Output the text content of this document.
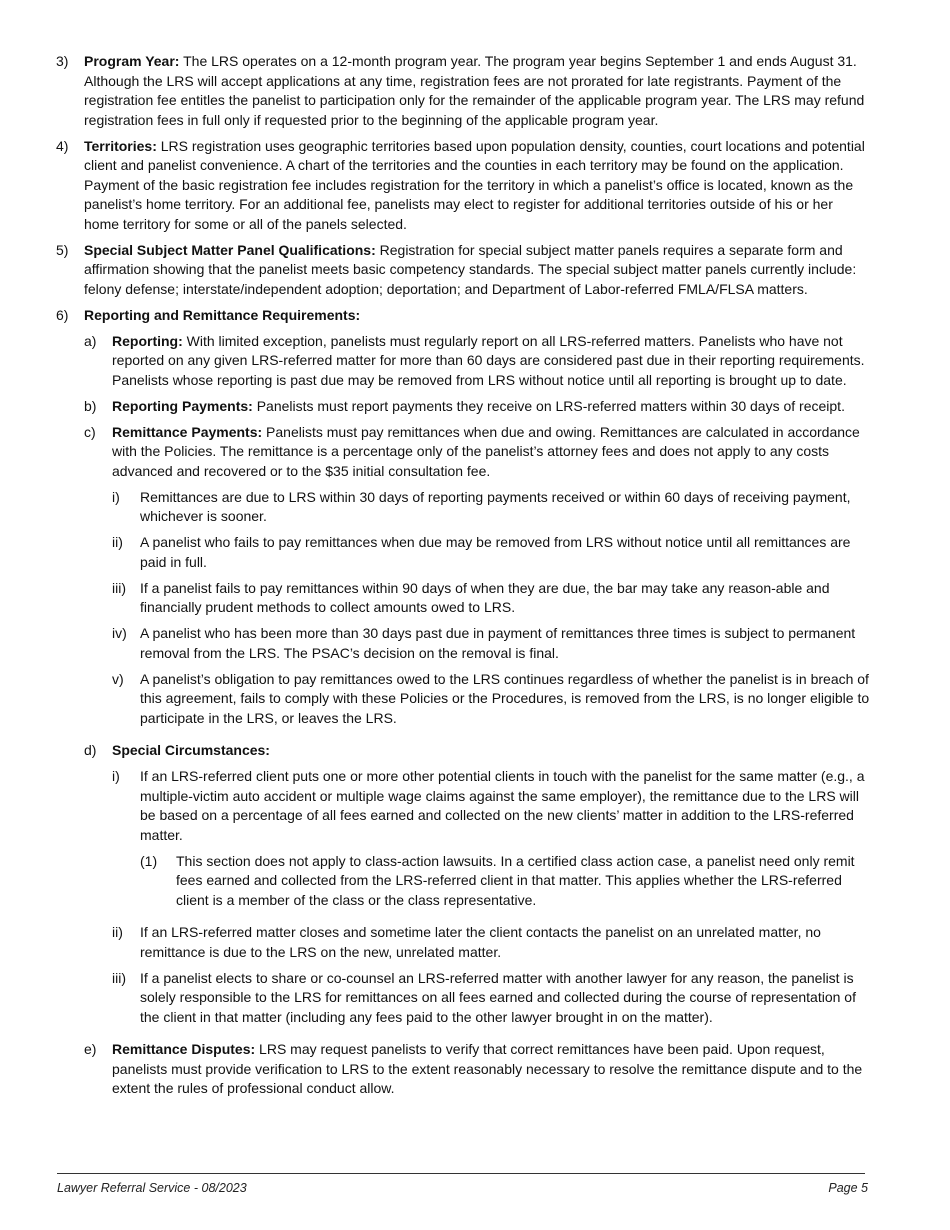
3)	Program Year: The LRS operates on a 12-month program year. The program year begins September 1 and ends August 31. Although the LRS will accept applications at any time, registration fees are not prorated for late registrants. Payment of the registration fee entitles the panelist to participation only for the remainder of the applicable program year. The LRS may refund registration fees in full only if requested prior to the beginning of the applicable program year.
4)	Territories: LRS registration uses geographic territories based upon population density, counties, court locations and potential client and panelist convenience. A chart of the territories and the counties in each territory may be found on the application. Payment of the basic registration fee includes registration for the territory in which a panelist’s office is located, known as the panelist’s home territory. For an additional fee, panelists may elect to register for additional territories outside of his or her home territory for some or all of the panels selected.
5)	Special Subject Matter Panel Qualifications: Registration for special subject matter panels requires a separate form and affirmation showing that the panelist meets basic competency standards. The special subject matter panels currently include: felony defense; interstate/independent adoption; deportation; and Department of Labor-referred FMLA/FLSA matters.
6)	Reporting and Remittance Requirements:
a)	Reporting: With limited exception, panelists must regularly report on all LRS-referred matters. Panelists who have not reported on any given LRS-referred matter for more than 60 days are considered past due in their reporting requirements. Panelists whose reporting is past due may be removed from LRS without notice until all reporting is brought up to date.
b)	Reporting Payments: Panelists must report payments they receive on LRS-referred matters within 30 days of receipt.
c)	Remittance Payments: Panelists must pay remittances when due and owing. Remittances are calculated in accordance with the Policies. The remittance is a percentage only of the panelist’s attorney fees and does not apply to any costs advanced and recovered or to the $35 initial consultation fee.
i)	Remittances are due to LRS within 30 days of reporting payments received or within 60 days of receiving payment, whichever is sooner.
ii)	A panelist who fails to pay remittances when due may be removed from LRS without notice until all remittances are paid in full.
iii)	If a panelist fails to pay remittances within 90 days of when they are due, the bar may take any reason-able and financially prudent methods to collect amounts owed to LRS.
iv) A panelist who has been more than 30 days past due in payment of remittances three times is subject to permanent removal from the LRS. The PSAC’s decision on the removal is final.
v)	A panelist’s obligation to pay remittances owed to the LRS continues regardless of whether the panelist is in breach of this agreement, fails to comply with these Policies or the Procedures, is removed from the LRS, is no longer eligible to participate in the LRS, or leaves the LRS.
d)	Special Circumstances:
i)	If an LRS-referred client puts one or more other potential clients in touch with the panelist for the same matter (e.g., a multiple-victim auto accident or multiple wage claims against the same employer), the remittance due to the LRS will be based on a percentage of all fees earned and collected on the new clients’ matter in addition to the LRS-referred matter.
(1)	This section does not apply to class-action lawsuits. In a certified class action case, a panelist need only remit fees earned and collected from the LRS-referred client in that matter. This applies whether the LRS-referred client is a member of the class or the class representative.
ii)	If an LRS-referred matter closes and sometime later the client contacts the panelist on an unrelated matter, no remittance is due to the LRS on the new, unrelated matter.
iii)	If a panelist elects to share or co-counsel an LRS-referred matter with another lawyer for any reason, the panelist is solely responsible to the LRS for remittances on all fees earned and collected during the course of representation of the client in that matter (including any fees paid to the other lawyer brought in on the matter).
e)	Remittance Disputes: LRS may request panelists to verify that correct remittances have been paid. Upon request, panelists must provide verification to LRS to the extent reasonably necessary to resolve the remittance dispute and to the extent the rules of professional conduct allow.
Lawyer Referral Service - 08/2023	Page 5
